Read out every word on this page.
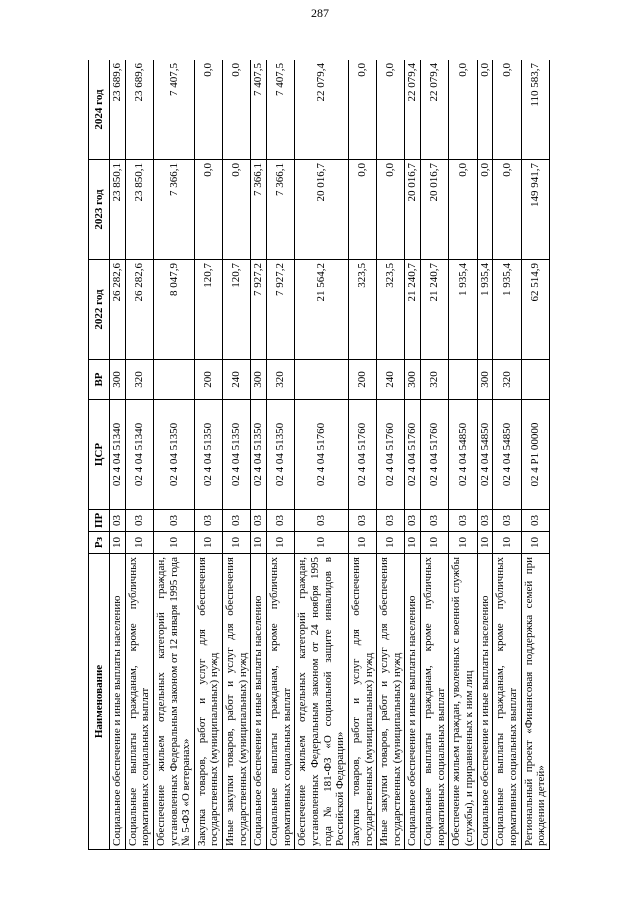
287
Наименование	Рз	ПР	ЦСР	ВР	2022 год	2023 год	2024 год
Социальное обеспечение и иные выплаты населению	10	03	02 4 04 51340	300	26 282,6	23 850,1	23 689,6
Социальные выплаты гражданам, кроме публичных нормативных социальных выплат	10	03	02 4 04 51340	320	26 282,6	23 850,1	23 689,6
Обеспечение жильем отдельных категорий граждан, установленных Федеральным законом от 12 января 1995 года № 5-ФЗ «О ветеранах»	10	03	02 4 04 51350		8 047,9	7 366,1	7 407,5
Закупка товаров, работ и услуг для обеспечения государственных (муниципальных) нужд	10	03	02 4 04 51350	200	120,7	0,0	0,0
Иные закупки товаров, работ и услуг для обеспечения государственных (муниципальных) нужд	10	03	02 4 04 51350	240	120,7	0,0	0,0
Социальное обеспечение и иные выплаты населению	10	03	02 4 04 51350	300	7 927,2	7 366,1	7 407,5
Социальные выплаты гражданам, кроме публичных нормативных социальных выплат	10	03	02 4 04 51350	320	7 927,2	7 366,1	7 407,5
Обеспечение жильем отдельных категорий граждан, установленных Федеральным законом от 24 ноября 1995 года № 181-ФЗ «О социальной защите инвалидов в Российской Федерации»	10	03	02 4 04 51760		21 564,2	20 016,7	22 079,4
Закупка товаров, работ и услуг для обеспечения государственных (муниципальных) нужд	10	03	02 4 04 51760	200	323,5	0,0	0,0
Иные закупки товаров, работ и услуг для обеспечения государственных (муниципальных) нужд	10	03	02 4 04 51760	240	323,5	0,0	0,0
Социальное обеспечение и иные выплаты населению	10	03	02 4 04 51760	300	21 240,7	20 016,7	22 079,4
Социальные выплаты гражданам, кроме публичных нормативных социальных выплат	10	03	02 4 04 51760	320	21 240,7	20 016,7	22 079,4
Обеспечение жильем граждан, уволенных с военной службы (службы), и приравненных к ним лиц	10	03	02 4 04 54850		1 935,4	0,0	0,0
Социальное обеспечение и иные выплаты населению	10	03	02 4 04 54850	300	1 935,4	0,0	0,0
Социальные выплаты гражданам, кроме публичных нормативных социальных выплат	10	03	02 4 04 54850	320	1 935,4	0,0	0,0
Региональный проект «Финансовая поддержка семей при рождении детей»	10	03	02 4 P1 00000		62 514,9	149 941,7	110 583,7
